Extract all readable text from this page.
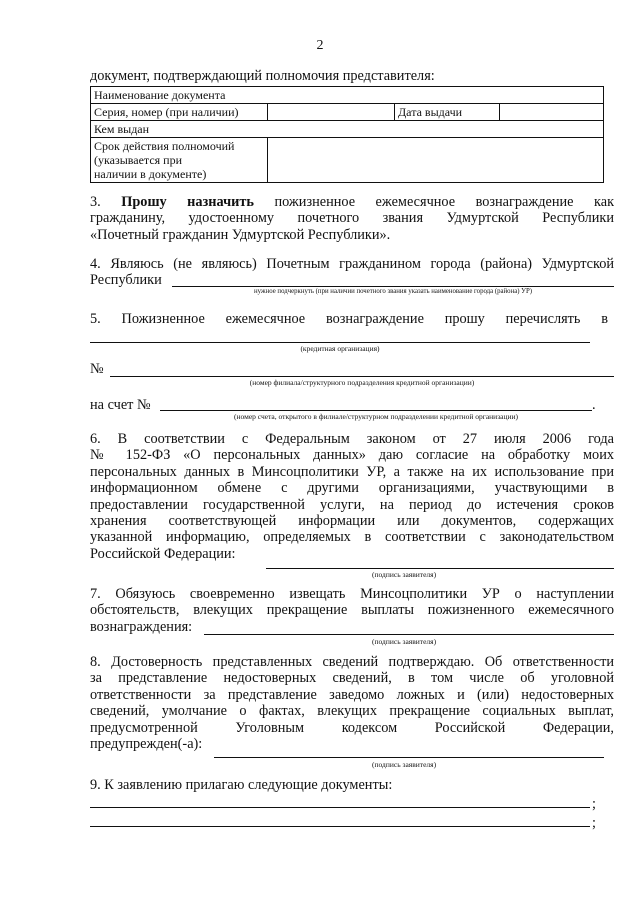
2
документ, подтверждающий полномочия представителя:
Наименование документа			
Серия, номер (при наличии)		Дата выдачи	
Кем выдан			
Срок действия полномочий (указывается при
наличии в документе)			
3. Прошу назначить пожизненное ежемесячное вознаграждение как
гражданину, удостоенному почетного звания Удмуртской Республики
«Почетный гражданин Удмуртской Республики».
4. Являюсь (не являюсь) Почетным гражданином города (района) Удмуртской
Республики
нужное подчеркнуть (при наличии почетного звания указать наименование города (района) УР)
5. Пожизненное ежемесячное вознаграждение прошу перечислять в
(кредитная организация)
№
(номер филиала/структурного подразделения кредитной организации)
на счет №	.
(номер счета, открытого в филиале/структурном подразделении кредитной организации)
6. В соответствии с Федеральным законом от 27 июля 2006 года
№ 152-ФЗ «О персональных данных» даю согласие на обработку моих
персональных данных в Минсоцполитики УР, а также на их использование при
информационном обмене с другими организациями, участвующими в
предоставлении государственной услуги, на период до истечения сроков
хранения соответствующей информации или документов, содержащих
указанной информацию, определяемых в соответствии с законодательством
Российской Федерации:
(подпись заявителя)
7. Обязуюсь своевременно извещать Минсоцполитики УР о наступлении
обстоятельств, влекущих прекращение выплаты пожизненного ежемесячного
вознаграждения:
(подпись заявителя)
8. Достоверность представленных сведений подтверждаю. Об ответственности
за представление недостоверных сведений, в том числе об уголовной
ответственности за представление заведомо ложных и (или) недостоверных
сведений, умолчание о фактах, влекущих прекращение социальных выплат,
предусмотренной Уголовным кодексом Российской Федерации,
предупрежден(-а):
(подпись заявителя)
9. К заявлению прилагаю следующие документы:
;
;
